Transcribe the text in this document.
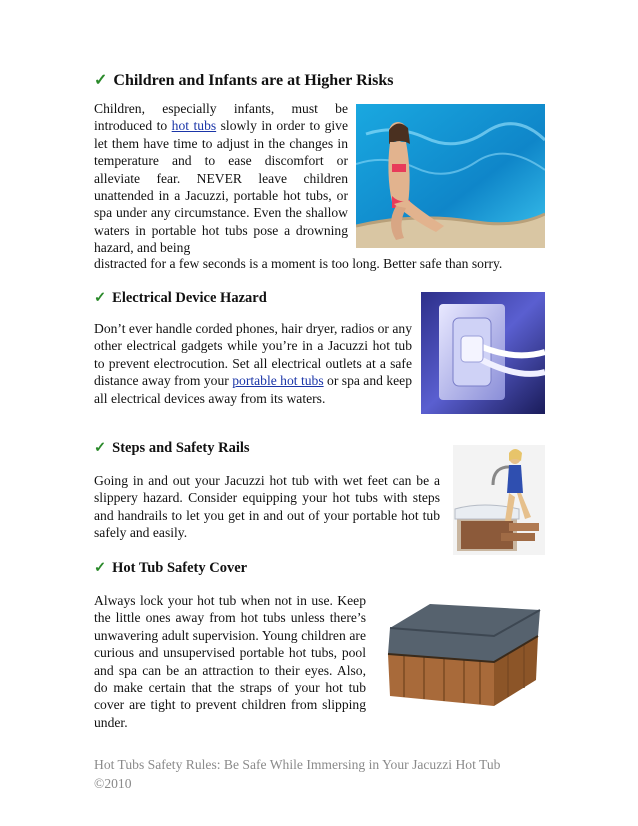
✓ Children and Infants are at Higher Risks

Children, especially infants, must be introduced to hot tubs slowly in order to give let them have time to adjust in the changes in temperature and to ease discomfort or alleviate fear. NEVER leave children unattended in a Jacuzzi, portable hot tubs, or spa under any circumstance. Even the shallow waters in portable hot tubs pose a drowning hazard, and being

distracted for a few seconds is a moment is too long. Better safe than sorry.
✓ Electrical Device Hazard

Don’t ever handle corded phones, hair dryer, radios or any other electrical gadgets while you’re in a Jacuzzi hot tub to prevent electrocution. Set all electrical outlets at a safe distance away from your portable hot tubs or spa and keep all electrical devices away from its waters.

✓ Steps and Safety Rails
Going in and out your Jacuzzi hot tub with wet feet can be a slippery hazard. Consider equipping your hot tubs with steps and handrails to let you get in and out of your portable hot tub safely and easily.
✓ Hot Tub Safety Cover
Always lock your hot tub when not in use. Keep the little ones away from hot tubs unless there’s unwavering adult supervision. Young children are curious and unsupervised portable hot tubs, pool and spa can be an attraction to their eyes. Also, do make certain that the straps of your hot tub cover are tight to prevent children from slipping under.
Hot Tubs Safety Rules: Be Safe While Immersing in Your Jacuzzi Hot Tub
©2010
